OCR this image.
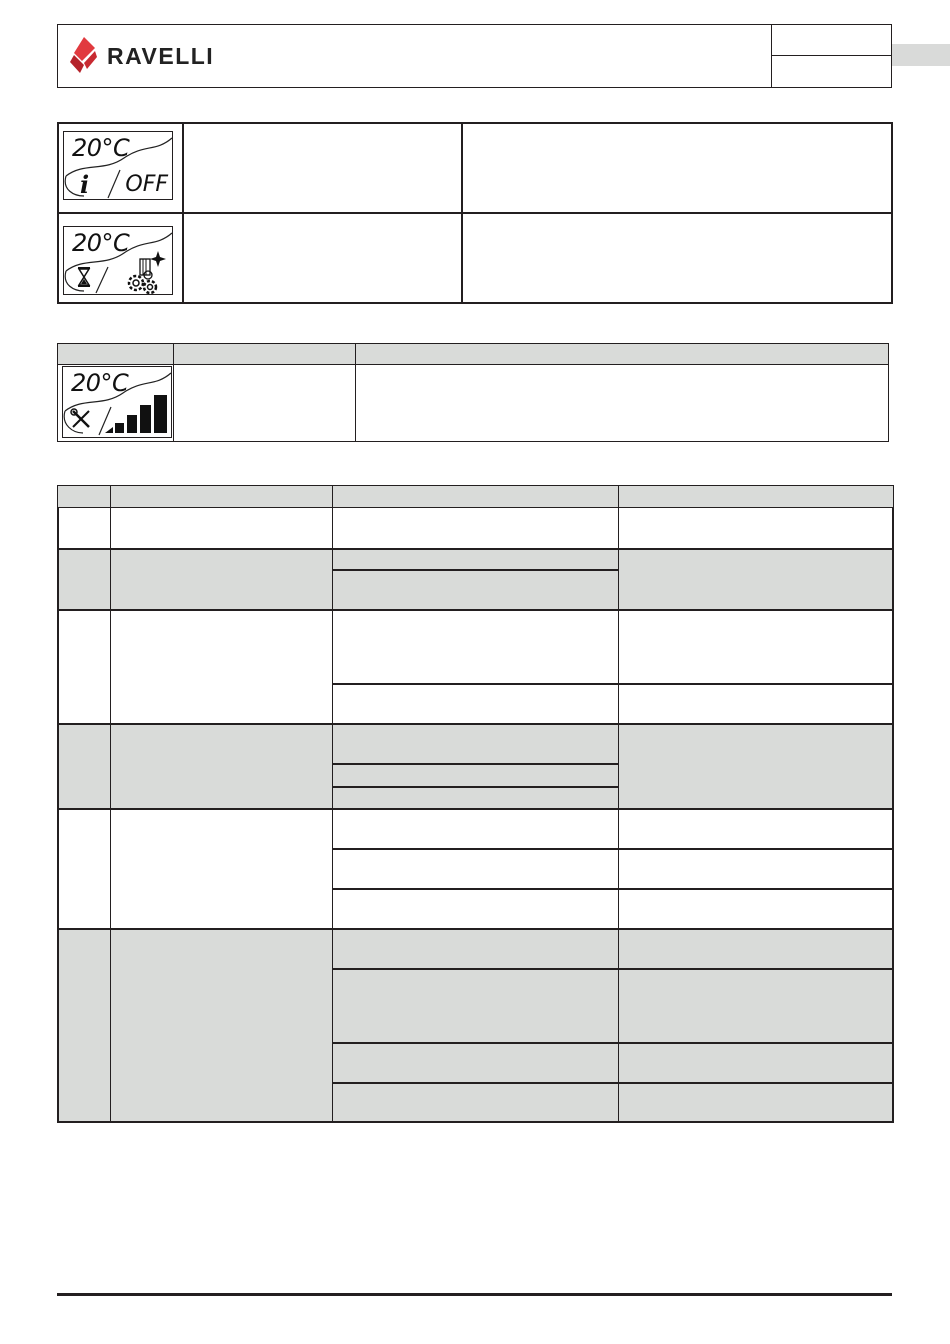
RAVELLI
20°C
i OFF
20°C
20°C
